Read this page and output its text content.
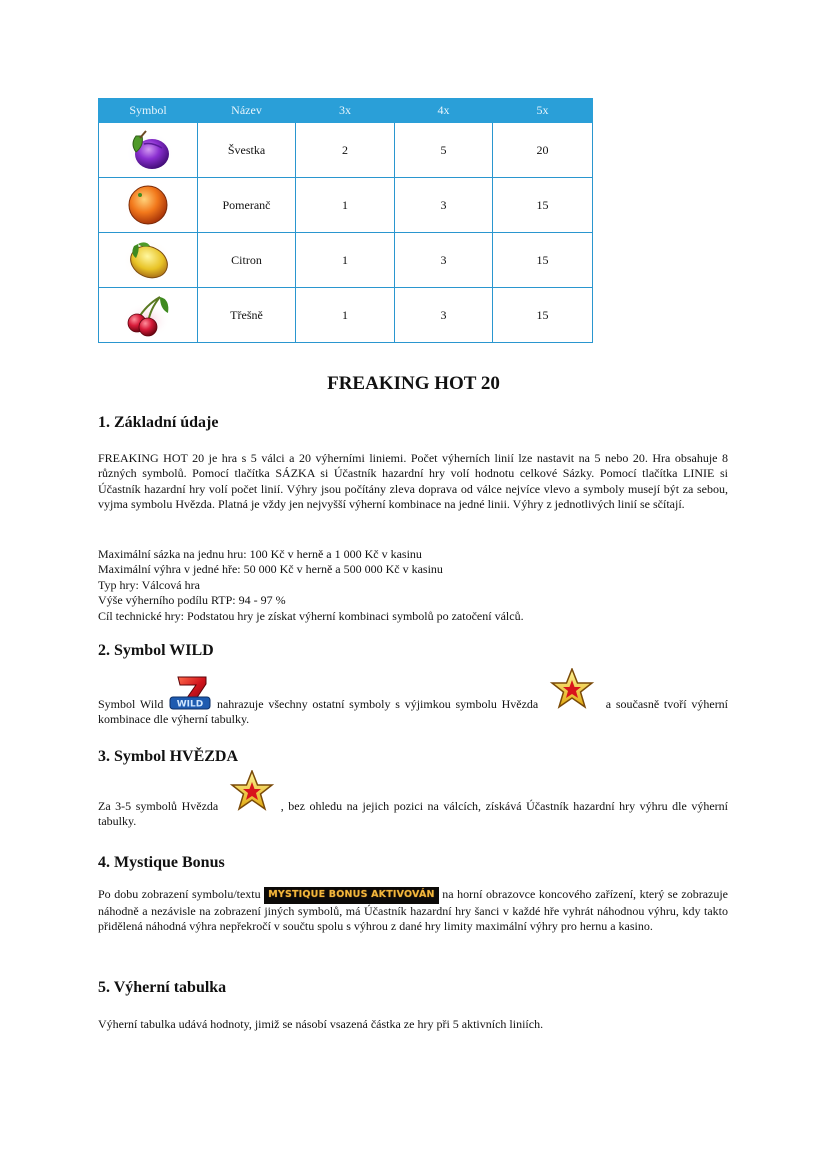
Symbol	Název	3x	4x	5x
	Švestka	2	5	20
	Pomeranč	1	3	15
	Citron	1	3	15
	Třešně	1	3	15
FREAKING HOT 20
1. Základní údaje

FREAKING HOT 20 je hra s 5 válci a 20 výherními liniemi. Počet výherních linií lze nastavit na 5 nebo 20. Hra obsahuje 8 různých symbolů. Pomocí tlačítka SÁZKA si Účastník hazardní hry volí hodnotu celkové Sázky. Pomocí tlačítka LINIE si Účastník hazardní hry volí počet linií. Výhry jsou počítány zleva doprava od válce nejvíce vlevo a symboly musejí být za sebou, vyjma symbolu Hvězda. Platná je vždy jen nejvyšší výherní kombinace na jedné linii. Výhry z jednotlivých linií se sčítají.

Maximální sázka na jednu hru: 100 Kč v herně a 1 000 Kč v kasinu
Maximální výhra v jedné hře: 50 000 Kč v herně a 500 000 Kč v kasinu
Typ hry: Válcová hra
Výše výherního podílu RTP: 94 - 97 %
Cíl technické hry: Podstatou hry je získat výherní kombinaci symbolů po zatočení válců.
2. Symbol WILD
Symbol Wild WILD nahrazuje všechny ostatní symboly s výjimkou symbolu Hvězda	a současně tvoří výherní kombinace dle výherní tabulky.
3. Symbol HVĚZDA
Za 3-5 symbolů Hvězda	, bez ohledu na jejich pozici na válcích, získává Účastník hazardní hry výhru dle výherní tabulky.
4. Mystique Bonus
Po dobu zobrazení symbolu/textu MYSTIQUE BONUS AKTIVOVÁN na horní obrazovce koncového zařízení, který se zobrazuje náhodně a nezávisle na zobrazení jiných symbolů, má Účastník hazardní hry šanci v každé hře vyhrát náhodnou výhru, kdy takto přidělená náhodná výhra nepřekročí v součtu spolu s výhrou z dané hry limity maximální výhry pro hernu a kasino.
5. Výherní tabulka

Výherní tabulka udává hodnoty, jimiž se násobí vsazená částka ze hry při 5 aktivních liniích.
